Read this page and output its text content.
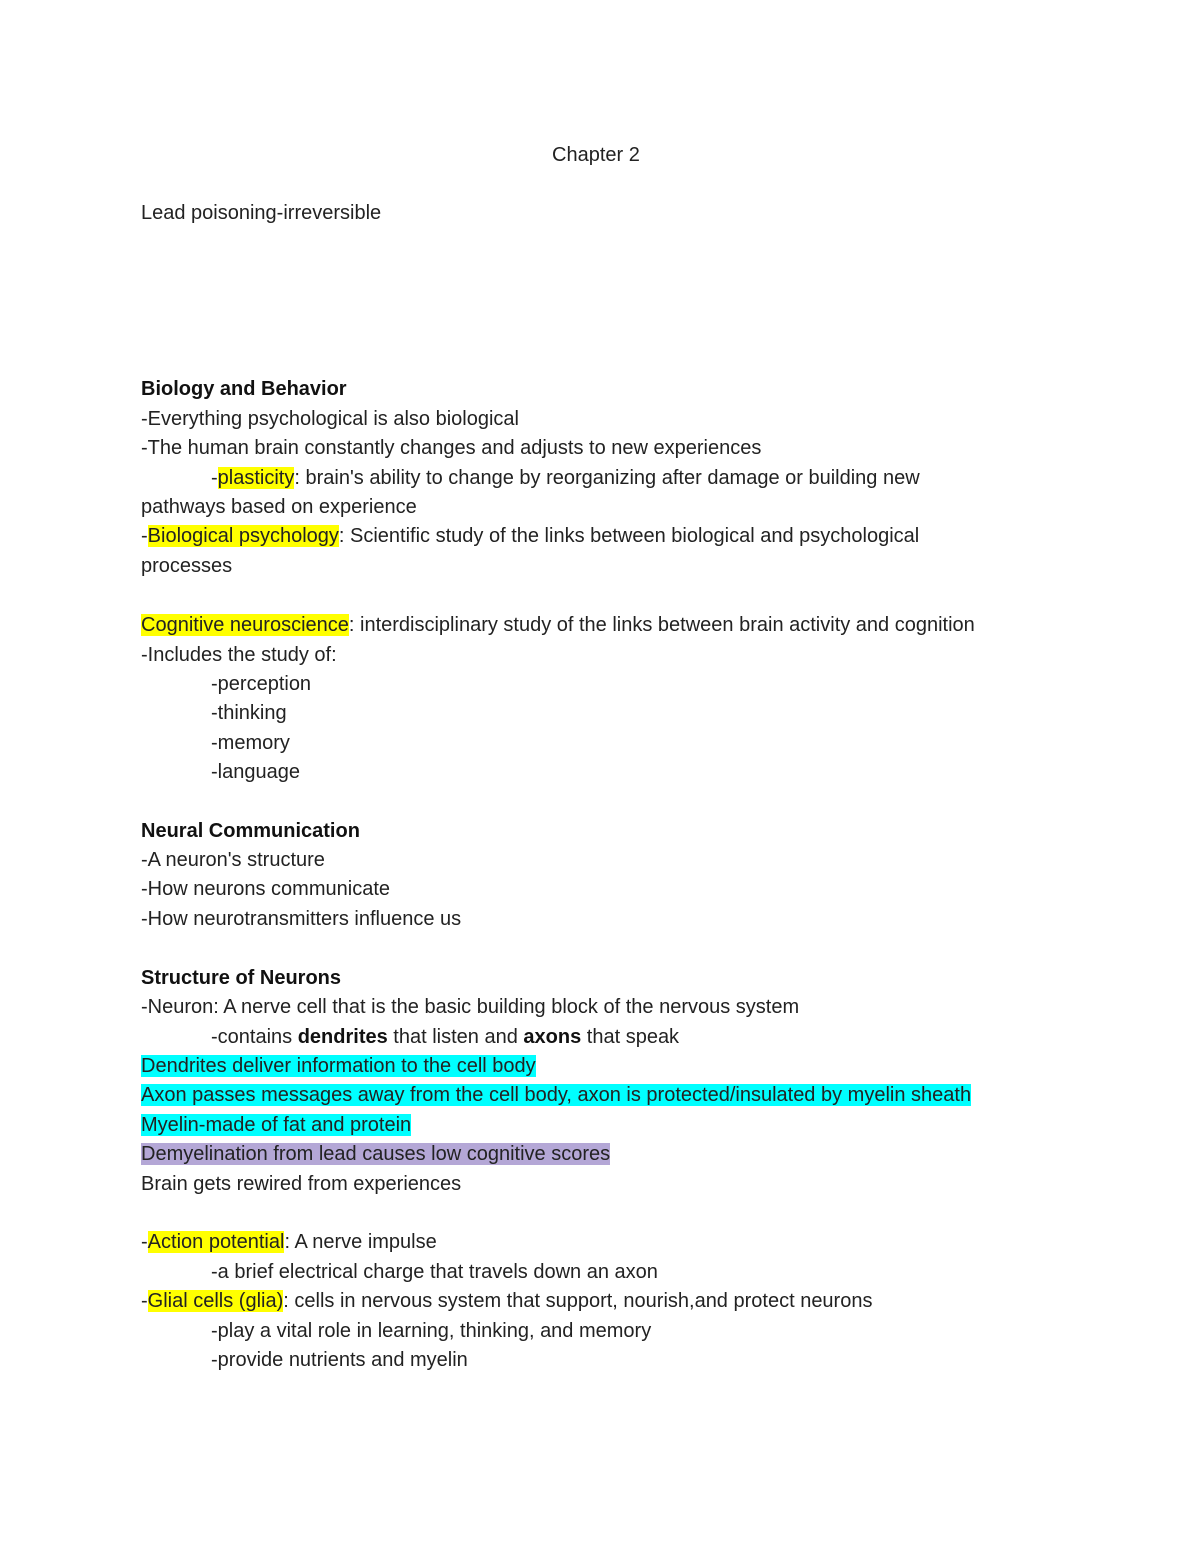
Chapter 2
Lead poisoning-irreversible
Biology and Behavior
-Everything psychological is also biological
-The human brain constantly changes and adjusts to new experiences
-plasticity: brain's ability to change by reorganizing after damage or building new
pathways based on experience
-Biological psychology: Scientific study of the links between biological and psychological
processes
Cognitive neuroscience: interdisciplinary study of the links between brain activity and cognition
-Includes the study of:
-perception
-thinking
-memory
-language
Neural Communication
-A neuron's structure
-How neurons communicate
-How neurotransmitters influence us
Structure of Neurons
-Neuron: A nerve cell that is the basic building block of the nervous system
-contains dendrites that listen and axons that speak
Dendrites deliver information to the cell body
Axon passes messages away from the cell body, axon is protected/insulated by myelin sheath
Myelin-made of fat and protein
Demyelination from lead causes low cognitive scores
Brain gets rewired from experiences
-Action potential: A nerve impulse
-a brief electrical charge that travels down an axon
-Glial cells (glia): cells in nervous system that support, nourish,and protect neurons
-play a vital role in learning, thinking, and memory
-provide nutrients and myelin
